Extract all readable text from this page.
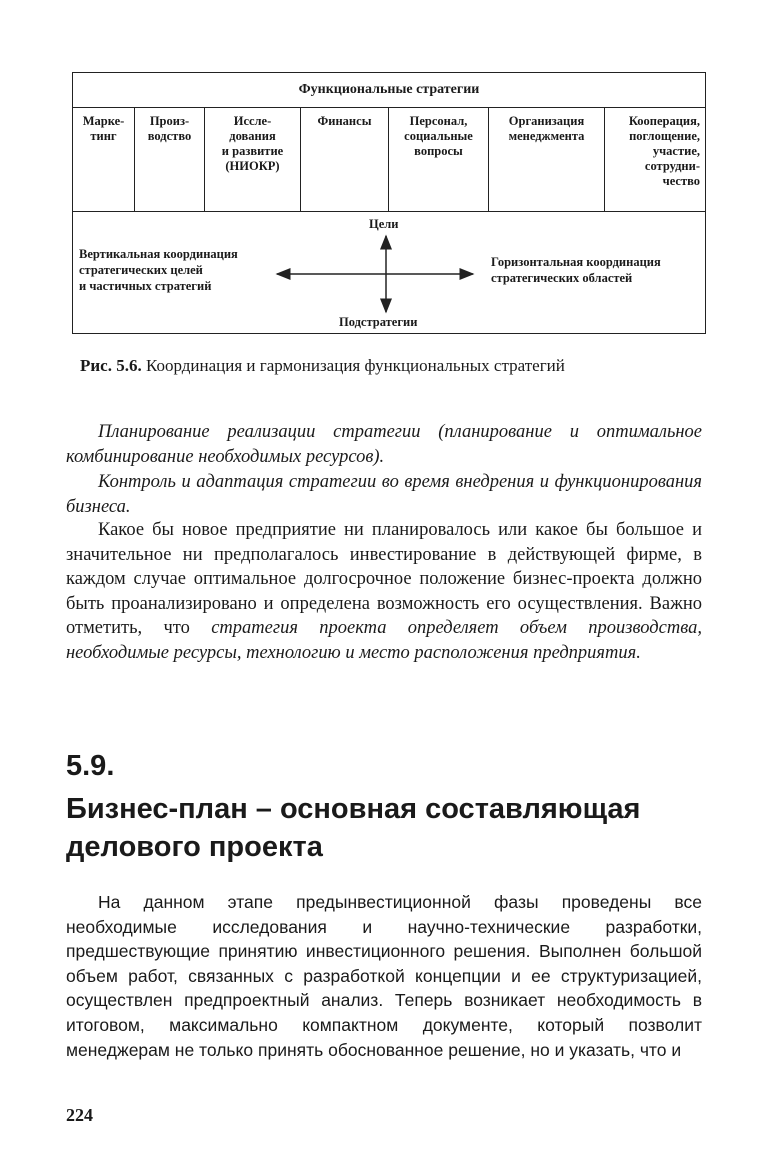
Функциональные стратегии
Марке-
тинг
Произ-
водство
Иссле-
дования
и развитие
(НИОКР)
Финансы	Персонал,
социальные
вопросы
Организация
менеджмента
Кооперация,
поглощение,
участие,
сотрудни-
чество
Цели
Подстратегии
Вертикальная координация
стратегических целей
и частичных стратегий
Горизонтальная координация
стратегических областей
Рис. 5.6. Координация и гармонизация функциональных стратегий
Планирование реализации стратегии (планирование и оптимальное комбинирование необходимых ресурсов).
Контроль и адаптация стратегии во время внедрения и функционирования бизнеса.
Какое бы новое предприятие ни планировалось или какое бы большое и значительное ни предполагалось инвестирование в действующей фирме, в каждом случае оптимальное долгосрочное положение бизнес-проекта должно быть проанализировано и определена возможность его осуществления. Важно отметить, что стратегия проекта определяет объем производства, необходимые ресурсы, технологию и место расположения предприятия.
5.9.
Бизнес-план – основная составляющая делового проекта
На данном этапе предынвестиционной фазы проведены все необходимые исследования и научно-технические разработки, предшествующие принятию инвестиционного решения. Выполнен большой объем работ, связанных с разработкой концепции и ее структуризацией, осуществлен предпроектный анализ. Теперь возникает необходимость в итоговом, максимально компактном документе, который позволит менеджерам не только принять обоснованное решение, но и указать, что и
224
